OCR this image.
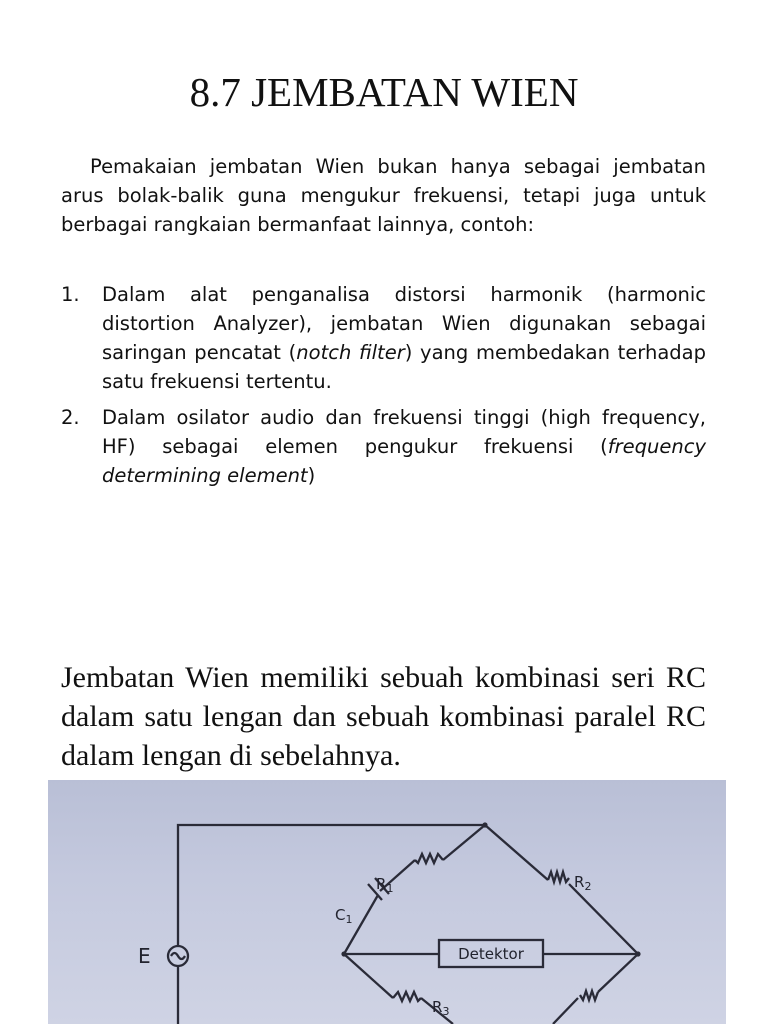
8.7 JEMBATAN WIEN

Pemakaian jembatan Wien bukan hanya sebagai jembatan arus bolak-balik guna mengukur frekuensi, tetapi juga untuk berbagai rangkaian bermanfaat lainnya, contoh:

1. Dalam alat penganalisa distorsi harmonik (harmonic distortion Analyzer), jembatan Wien digunakan sebagai saringan pencatat (notch filter) yang membedakan terhadap satu frekuensi tertentu.
2. Dalam osilator audio dan frekuensi tinggi (high frequency, HF) sebagai elemen pengukur frekuensi (frequency determining element)

Jembatan Wien memiliki sebuah kombinasi seri RC dalam satu lengan dan sebuah kombinasi paralel RC dalam lengan di sebelahnya.

E
$R_1$
$C_1$
$R_2$
Detektor
$R_3$
